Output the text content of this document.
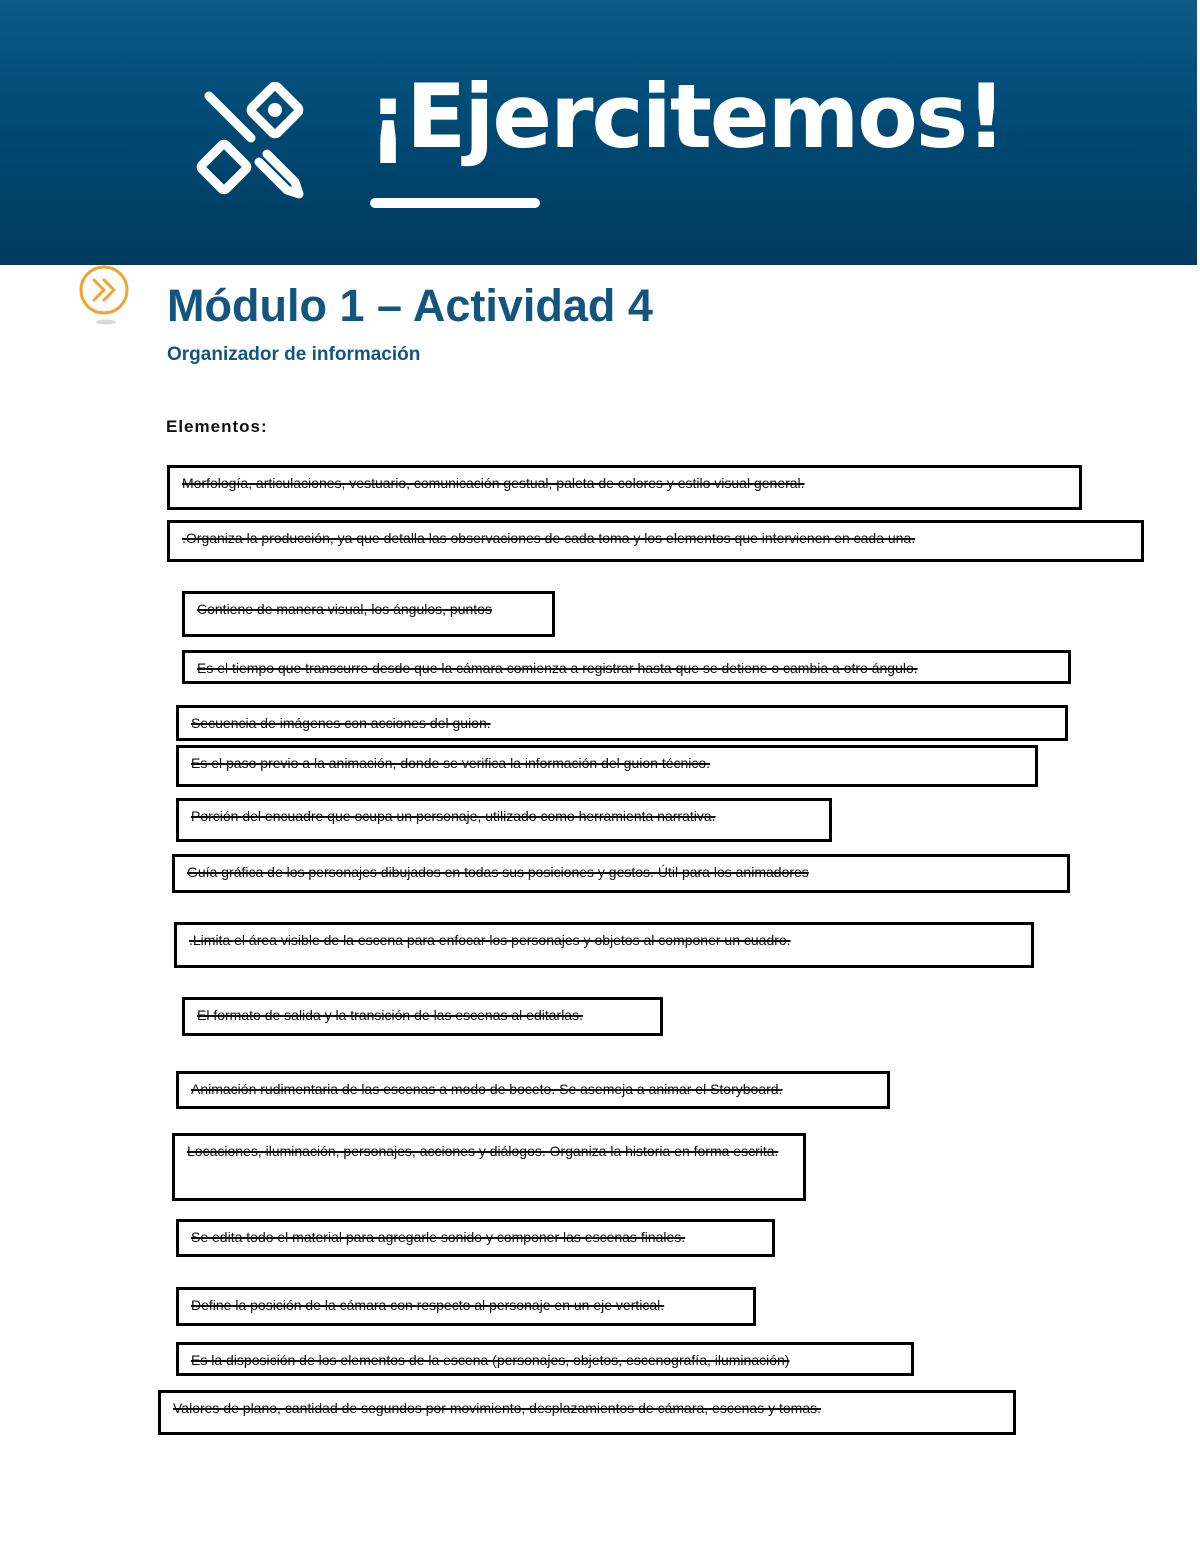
¡Ejercitemos!
Módulo 1 – Actividad 4
Organizador de información
Elementos:
Morfología, articulaciones, vestuario, comunicación gestual, paleta de colores y estilo visual general.
.Organiza la producción, ya que detalla las observaciones de cada toma y los elementos que intervienen en cada una.
Contiene de manera visual, los ángulos, puntos
Es el tiempo que transcurre desde que la cámara comienza a registrar hasta que se detiene o cambia a otro ángulo.
Secuencia de imágenes con acciones del guion.
Es el paso previo a la animación, donde se verifica la información del guion técnico.
Porción del encuadre que ocupa un personaje, utilizado como herramienta narrativa.
Guía gráfica de los personajes dibujados en todas sus posiciones y gestos. Útil para los animadores
.Limita el área visible de la escena para enfocar los personajes y objetos al componer un cuadro.
El formato de salida y la transición de las escenas al editarlas.
Animación rudimentaria de las escenas a modo de boceto. Se asemeja a animar el Storyboard.
Locaciones, iluminación, personajes, acciones y diálogos. Organiza la historia en forma escrita.
Se edita todo el material para agregarle sonido y componer las escenas finales.
Define la posición de la cámara con respecto al personaje en un eje vertical.
Es la disposición de los elementos de la escena (personajes, objetos, escenografía, iluminación)
Valores de plano, cantidad de segundos por movimiento, desplazamientos de cámara, escenas y tomas.
